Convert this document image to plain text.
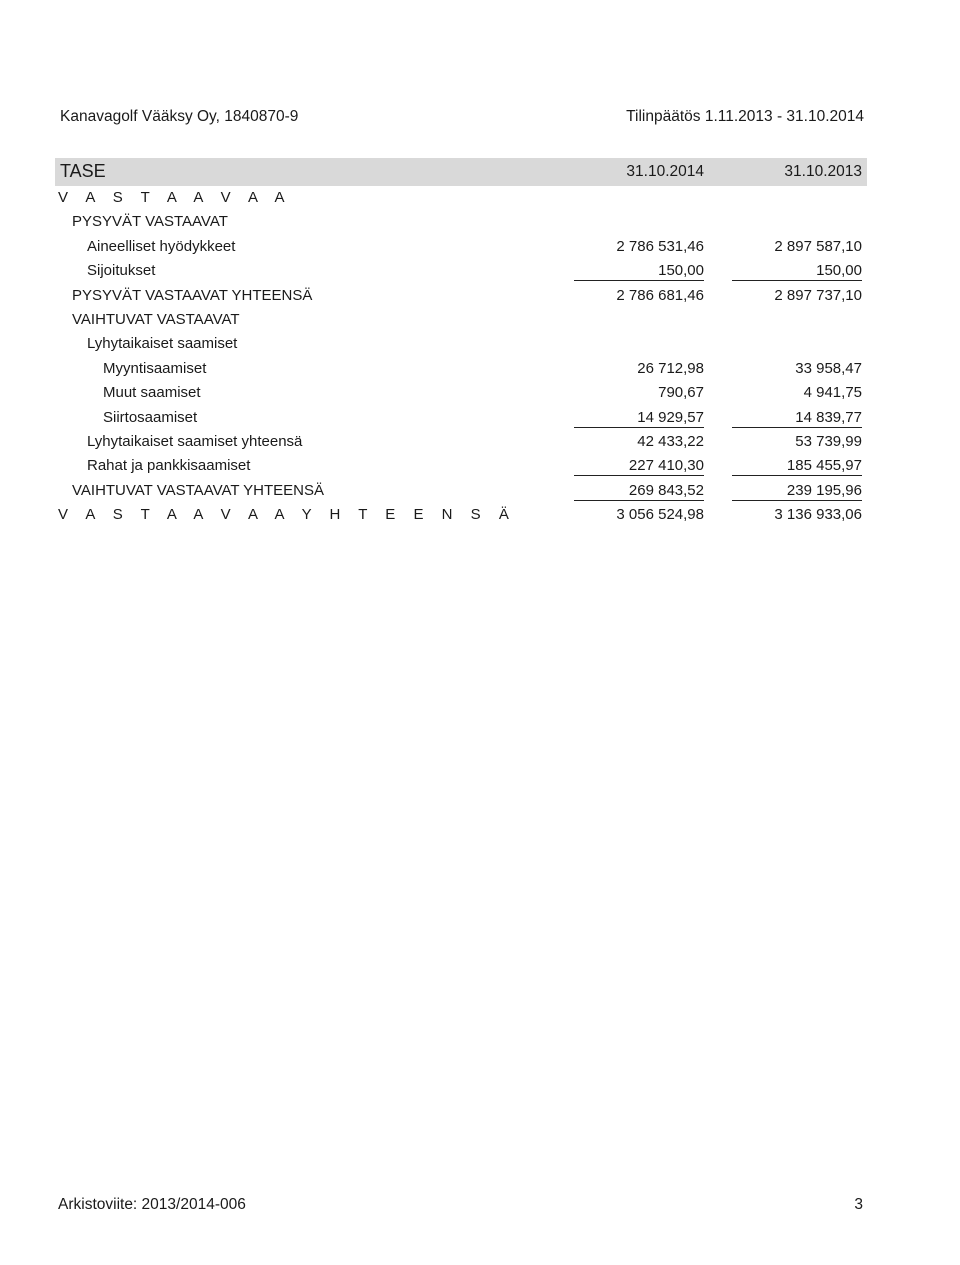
Kanavagolf Vääksy Oy, 1840870-9	Tilinpäätös 1.11.2013 - 31.10.2014
TASE	31.10.2014	31.10.2013
V A S T A A V A A
PYSYVÄT VASTAAVAT
Aineelliset hyödykkeet	2 786 531,46	2 897 587,10
Sijoitukset	150,00	150,00
PYSYVÄT VASTAAVAT YHTEENSÄ	2 786 681,46	2 897 737,10
VAIHTUVAT VASTAAVAT
Lyhytaikaiset saamiset
Myyntisaamiset	26 712,98	33 958,47
Muut saamiset	790,67	4 941,75
Siirtosaamiset	14 929,57	14 839,77
Lyhytaikaiset saamiset yhteensä	42 433,22	53 739,99
Rahat ja pankkisaamiset	227 410,30	185 455,97
VAIHTUVAT VASTAAVAT YHTEENSÄ	269 843,52	239 195,96
V A S T A A V A A Y H T E E N S Ä	3 056 524,98	3 136 933,06
Arkistoviite: 2013/2014-006	3
